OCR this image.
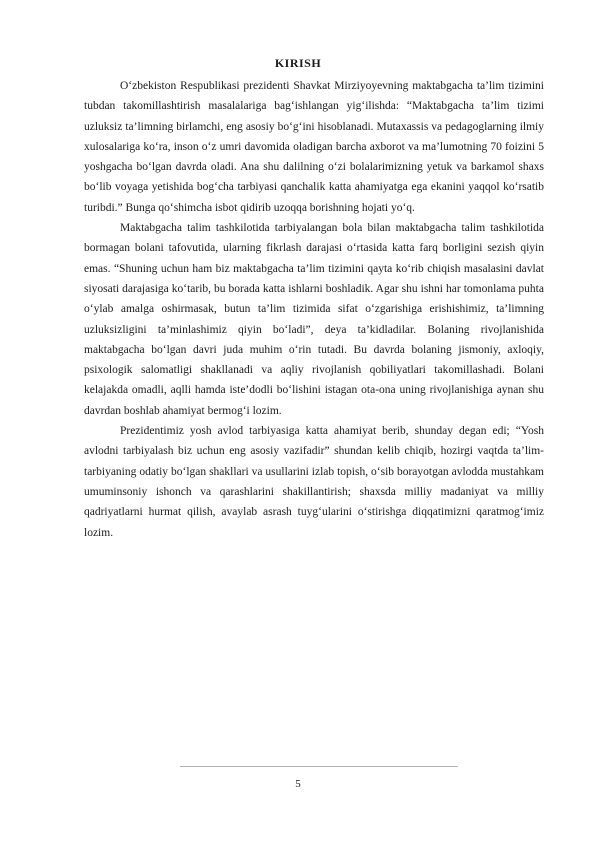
KIRISH

O‘zbekiston Respublikasi prezidenti Shavkat Mirziyoyevning maktabgacha ta’lim tizimini tubdan takomillashtirish masalalariga bag‘ishlangan yig‘ilishda: “Maktabgacha ta’lim tizimi uzluksiz ta’limning birlamchi, eng asosiy bo‘g‘ini hisoblanadi. Mutaxassis va pedagoglarning ilmiy xulosalariga ko‘ra, inson o‘z umri davomida oladigan barcha axborot va ma’lumotning 70 foizini 5 yoshgacha bo‘lgan davrda oladi. Ana shu dalilning o‘zi bolalarimizning yetuk va barkamol shaxs bo‘lib voyaga yetishida bog‘cha tarbiyasi qanchalik katta ahamiyatga ega ekanini yaqqol ko‘rsatib turibdi.” Bunga qo‘shimcha isbot qidirib uzoqqa borishning hojati yo‘q.

Maktabgacha talim tashkilotida tarbiyalangan bola bilan maktabgacha talim tashkilotida bormagan bolani tafovutida, ularning fikrlash darajasi o‘rtasida katta farq borligini sezish qiyin emas. “Shuning uchun ham biz maktabgacha ta’lim tizimini qayta ko‘rib chiqish masalasini davlat siyosati darajasiga ko‘tarib, bu borada katta ishlarni boshladik. Agar shu ishni har tomonlama puhta o‘ylab amalga oshirmasak, butun ta’lim tizimida sifat o‘zgarishiga erishishimiz, ta’limning uzluksizligini ta’minlashimiz qiyin bo‘ladi”, deya ta’kidladilar. Bolaning rivojlanishida maktabgacha bo‘lgan davri juda muhim o‘rin tutadi. Bu davrda bolaning jismoniy, axloqiy, psixologik salomatligi shakllanadi va aqliy rivojlanish qobiliyatlari takomillashadi. Bolani kelajakda omadli, aqlli hamda iste’dodli bo‘lishini istagan ota-ona uning rivojlanishiga aynan shu davrdan boshlab ahamiyat bermog‘i lozim.

Prezidentimiz yosh avlod tarbiyasiga katta ahamiyat berib, shunday degan edi; “Yosh avlodni tarbiyalash biz uchun eng asosiy vazifadir” shundan kelib chiqib, hozirgi vaqtda ta’lim- tarbiyaning odatiy bo‘lgan shakllari va usullarini izlab topish, o‘sib borayotgan avlodda mustahkam umuminsoniy ishonch va qarashlarini shakillantirish; shaxsda milliy madaniyat va milliy qadriyatlarni hurmat qilish, avaylab asrash tuyg‘ularini o‘stirishga diqqatimizni qaratmog‘imiz lozim.

5
